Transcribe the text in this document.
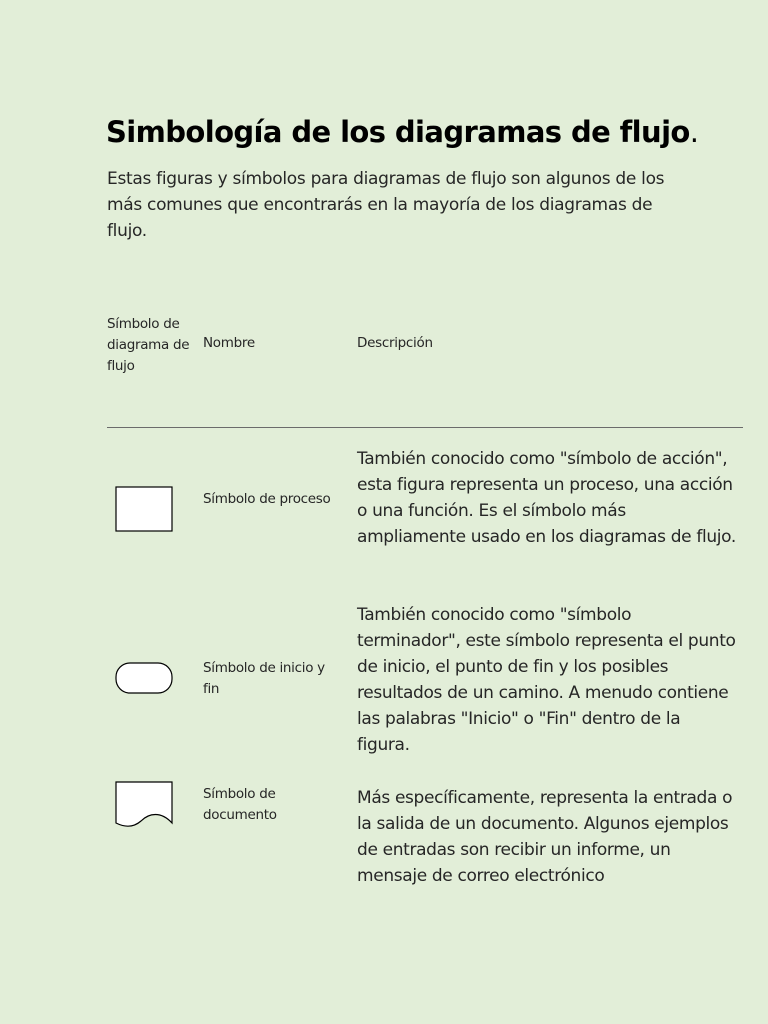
Simbología de los diagramas de flujo.

Estas figuras y símbolos para diagramas de flujo son algunos de los más comunes que encontrarás en la mayoría de los diagramas de flujo.

Símbolo de diagrama de flujo
Nombre	Descripción
Símbolo de proceso
También conocido como "símbolo de acción", esta figura representa un proceso, una acción o una función. Es el símbolo más ampliamente usado en los diagramas de flujo.
Símbolo de inicio y fin
También conocido como "símbolo terminador", este símbolo representa el punto de inicio, el punto de fin y los posibles resultados de un camino. A menudo contiene las palabras "Inicio" o "Fin" dentro de la figura.
Símbolo de documento
Más específicamente, representa la entrada o la salida de un documento. Algunos ejemplos de entradas son recibir un informe, un mensaje de correo electrónico
